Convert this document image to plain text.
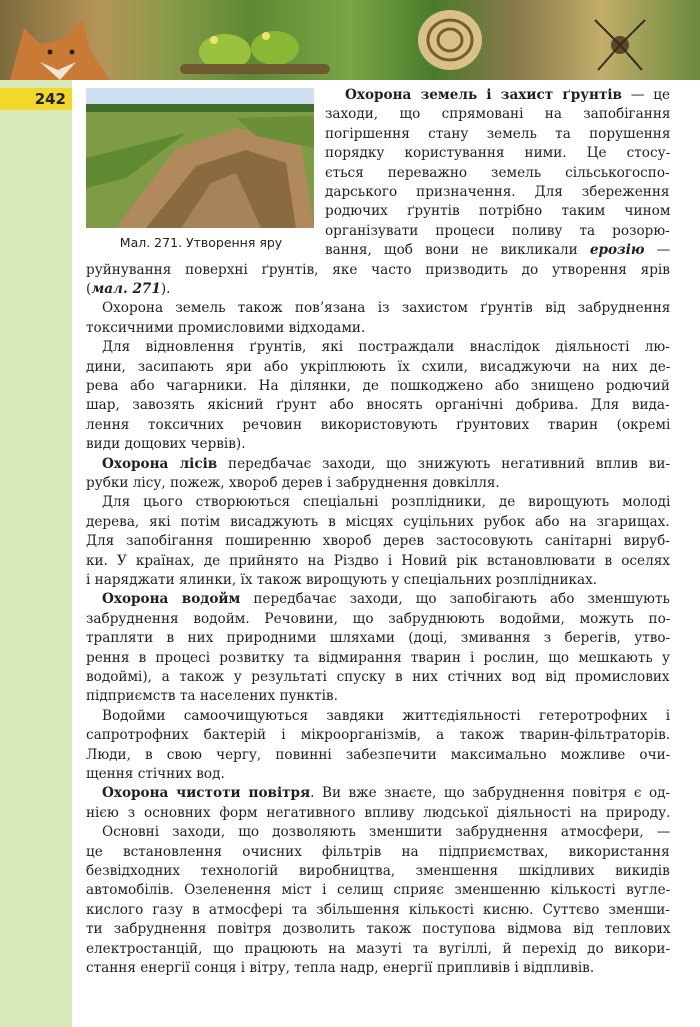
242
Мал. 271. Утворення яру
Охорона земель і захист ґрунтів — це
заходи, що спрямовані на запобігання
погіршення стану земель та порушення
порядку користування ними. Це стосу-
ється переважно земель сільськогоспо-
дарського призначення. Для збереження
родючих ґрунтів потрібно таким чином
організувати процеси поливу та розорю-
вання, щоб вони не викликали ерозію —
руйнування поверхні ґрунтів, яке часто призводить до утворення ярів
(мал. 271).
Охорона земель також пов’язана із захистом ґрунтів від забруднення
токсичними промисловими відходами.
Для відновлення ґрунтів, які постраждали внаслідок діяльності лю-
дини, засипають яри або укріплюють їх схили, висаджуючи на них де-
рева або чагарники. На ділянки, де пошкоджено або знищено родючий
шар, завозять якісний ґрунт або вносять органічні добрива. Для вида-
лення токсичних речовин використовують ґрунтових тварин (окремі
види дощових червів).
Охорона лісів передбачає заходи, що знижують негативний вплив ви-
рубки лісу, пожеж, хвороб дерев і забруднення довкілля.
Для цього створюються спеціальні розплідники, де вирощують молоді
дерева, які потім висаджують в місцях суцільних рубок або на згарищах.
Для запобігання поширенню хвороб дерев застосовують санітарні вируб-
ки. У країнах, де прийнято на Різдво і Новий рік встановлювати в оселях
і наряджати ялинки, їх також вирощують у спеціальних розплідниках.
Охорона водойм передбачає заходи, що запобігають або зменшують
забруднення водойм. Речовини, що забруднюють водойми, можуть по-
трапляти в них природними шляхами (доці, змивання з берегів, утво-
рення в процесі розвитку та відмирання тварин і рослин, що мешкають у
водоймі), а також у результаті спуску в них стічних вод від промислових
підприємств та населених пунктів.
Водойми самоочищуються завдяки життєдіяльності гетеротрофних і
сапротрофних бактерій і мікроорганізмів, а також тварин-фільтраторів.
Люди, в свою чергу, повинні забезпечити максимально можливе очи-
щення стічних вод.
Охорона чистоти повітря. Ви вже знаєте, що забруднення повітря є од-
нією з основних форм негативного впливу людської діяльності на природу.
Основні заходи, що дозволяють зменшити забруднення атмосфери, —
це встановлення очисних фільтрів на підприємствах, використання
безвідходних технологій виробництва, зменшення шкідливих викидів
автомобілів. Озеленення міст і селищ сприяє зменшенню кількості вугле-
кислого газу в атмосфері та збільшення кількості кисню. Суттєво зменши-
ти забруднення повітря дозволить також поступова відмова від теплових
електростанцій, що працюють на мазуті та вугіллі, й перехід до викори-
стання енергії сонця і вітру, тепла надр, енергії припливів і відпливів.
